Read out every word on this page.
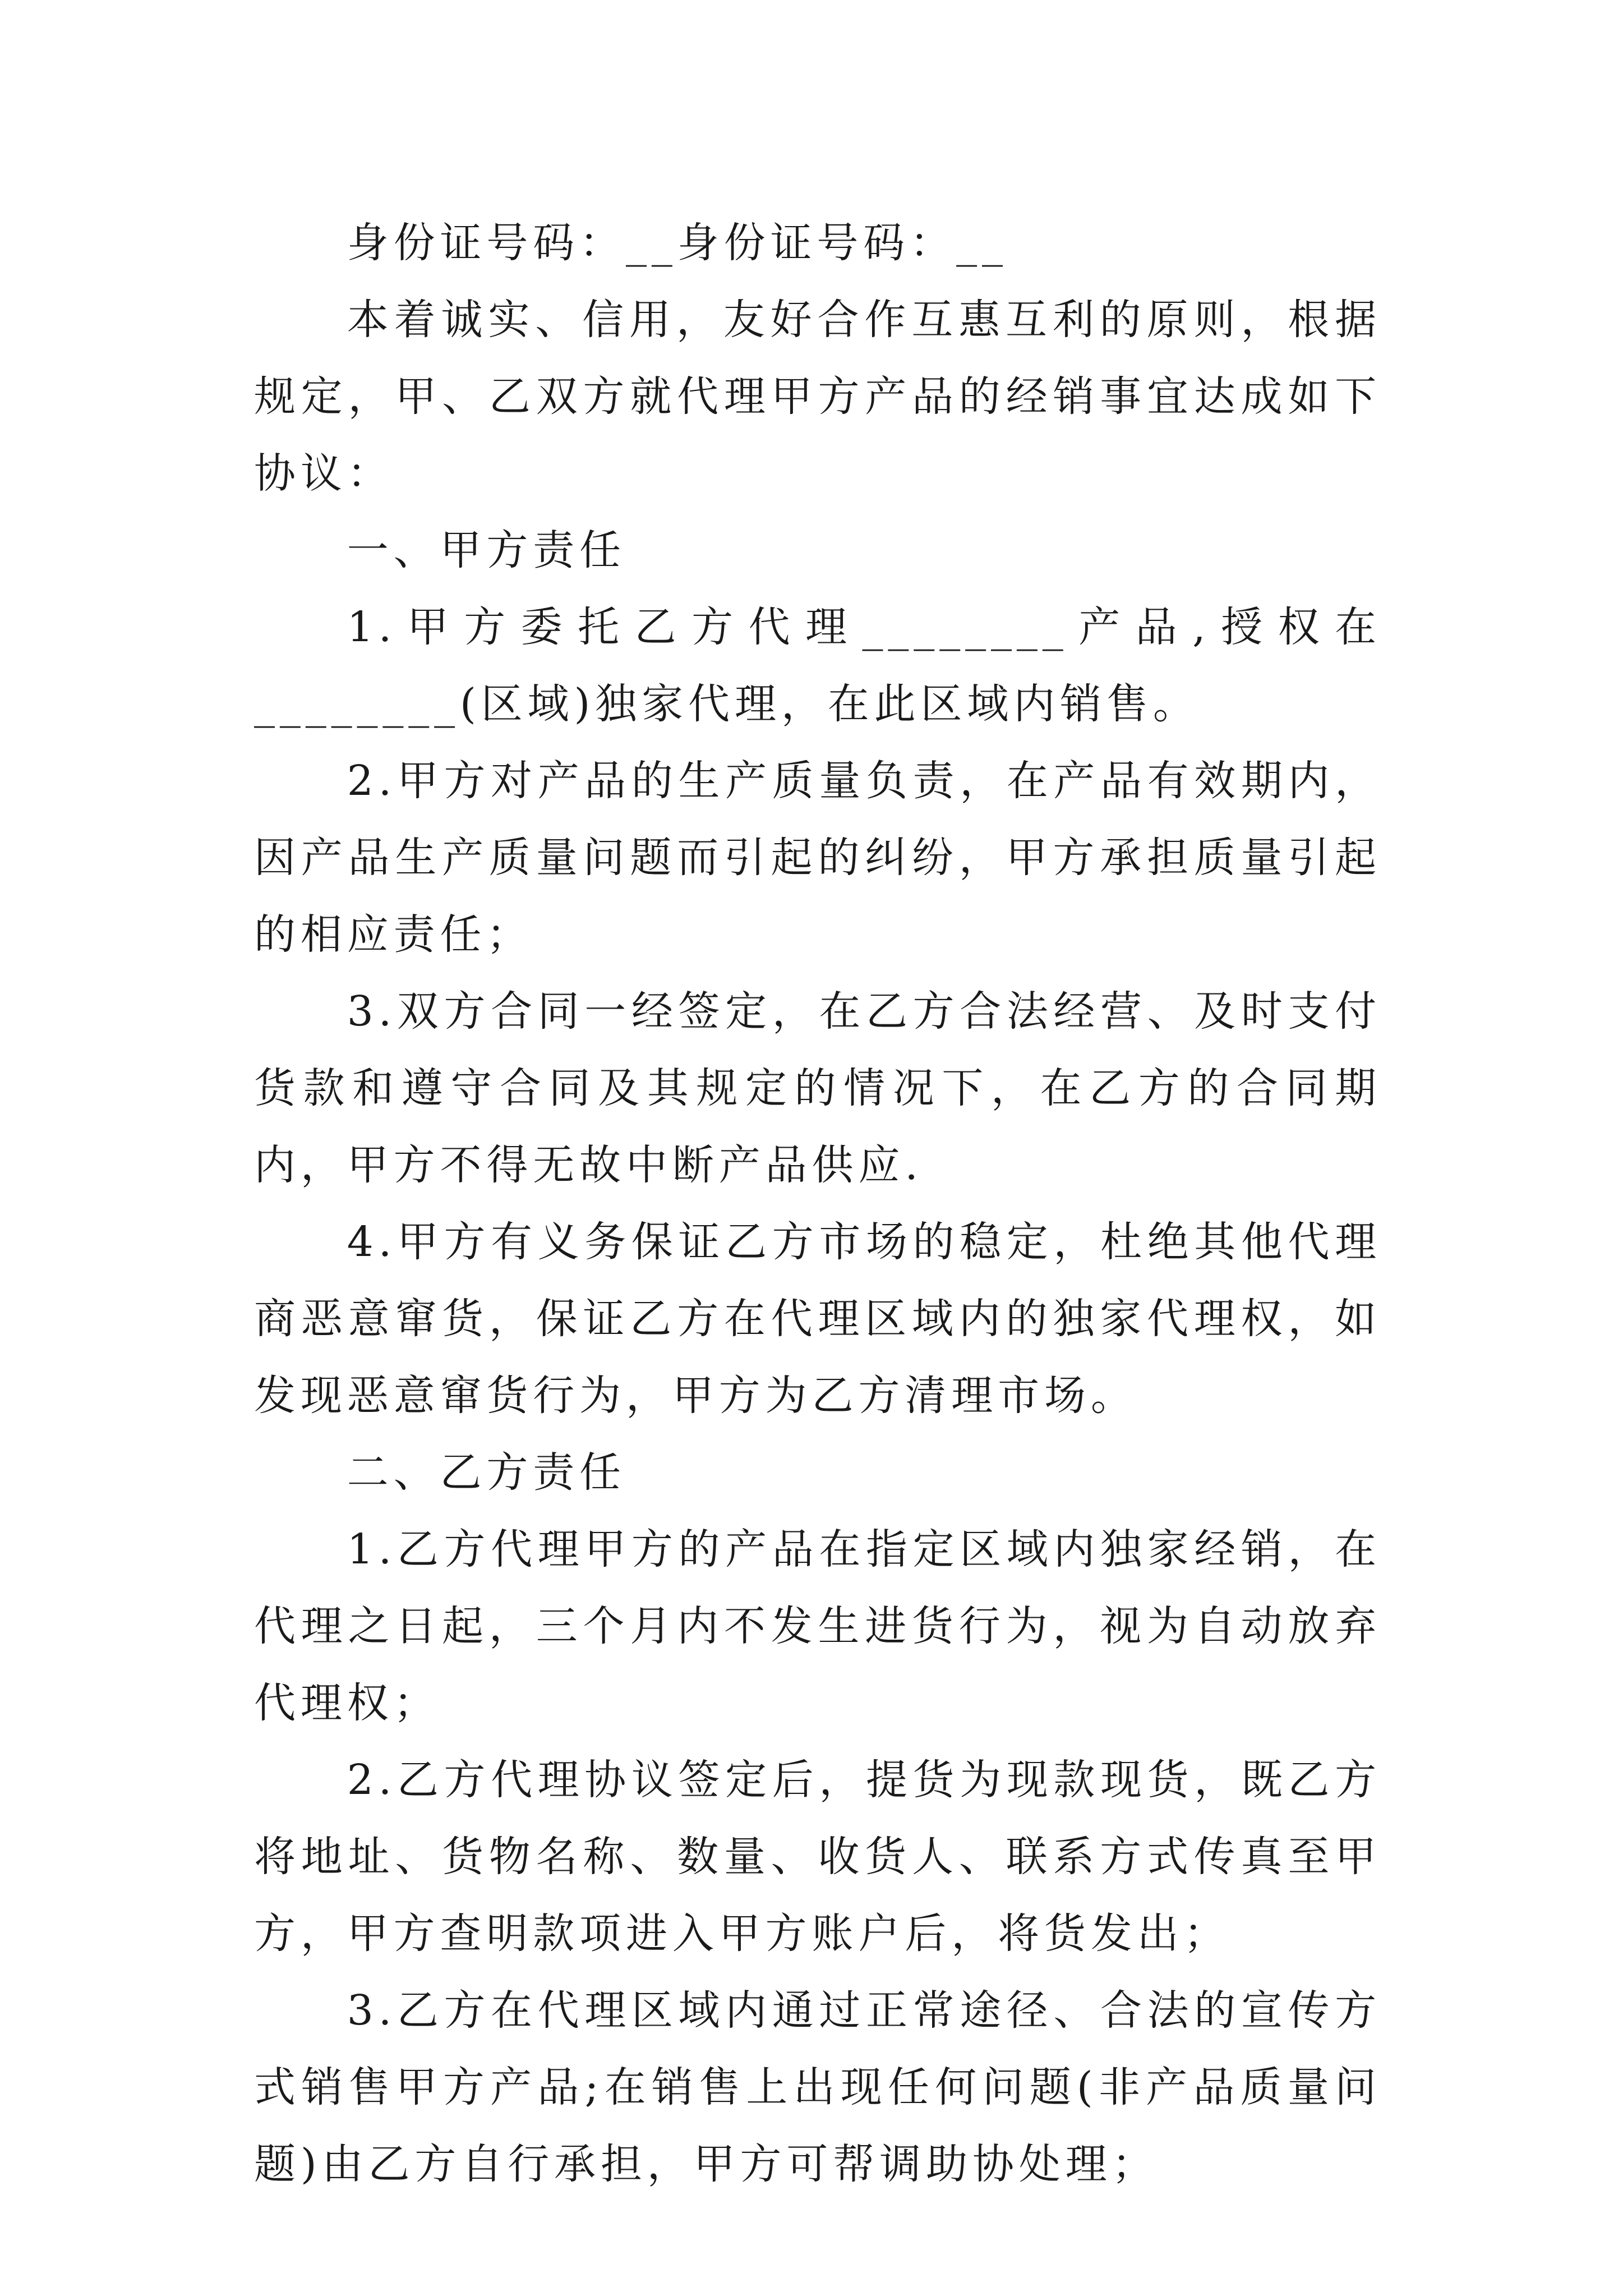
身份证号码：__身份证号码：__

本着诚实、信用，友好合作互惠互利的原则，根据规定，甲、乙双方就代理甲方产品的经销事宜达成如下协议：

一、甲方责任

1.甲方委托乙方代理________产品,授权在________(区域)独家代理，在此区域内销售。

2.甲方对产品的生产质量负责，在产品有效期内，因产品生产质量问题而引起的纠纷，甲方承担质量引起的相应责任；

3.双方合同一经签定，在乙方合法经营、及时支付货款和遵守合同及其规定的情况下，在乙方的合同期内，甲方不得无故中断产品供应.

4.甲方有义务保证乙方市场的稳定，杜绝其他代理商恶意窜货，保证乙方在代理区域内的独家代理权，如发现恶意窜货行为，甲方为乙方清理市场。

二、乙方责任

1.乙方代理甲方的产品在指定区域内独家经销，在代理之日起，三个月内不发生进货行为，视为自动放弃代理权；

2.乙方代理协议签定后，提货为现款现货，既乙方将地址、货物名称、数量、收货人、联系方式传真至甲方，甲方查明款项进入甲方账户后，将货发出；

3.乙方在代理区域内通过正常途径、合法的宣传方式销售甲方产品;在销售上出现任何问题(非产品质量问题)由乙方自行承担，甲方可帮调助协处理；
